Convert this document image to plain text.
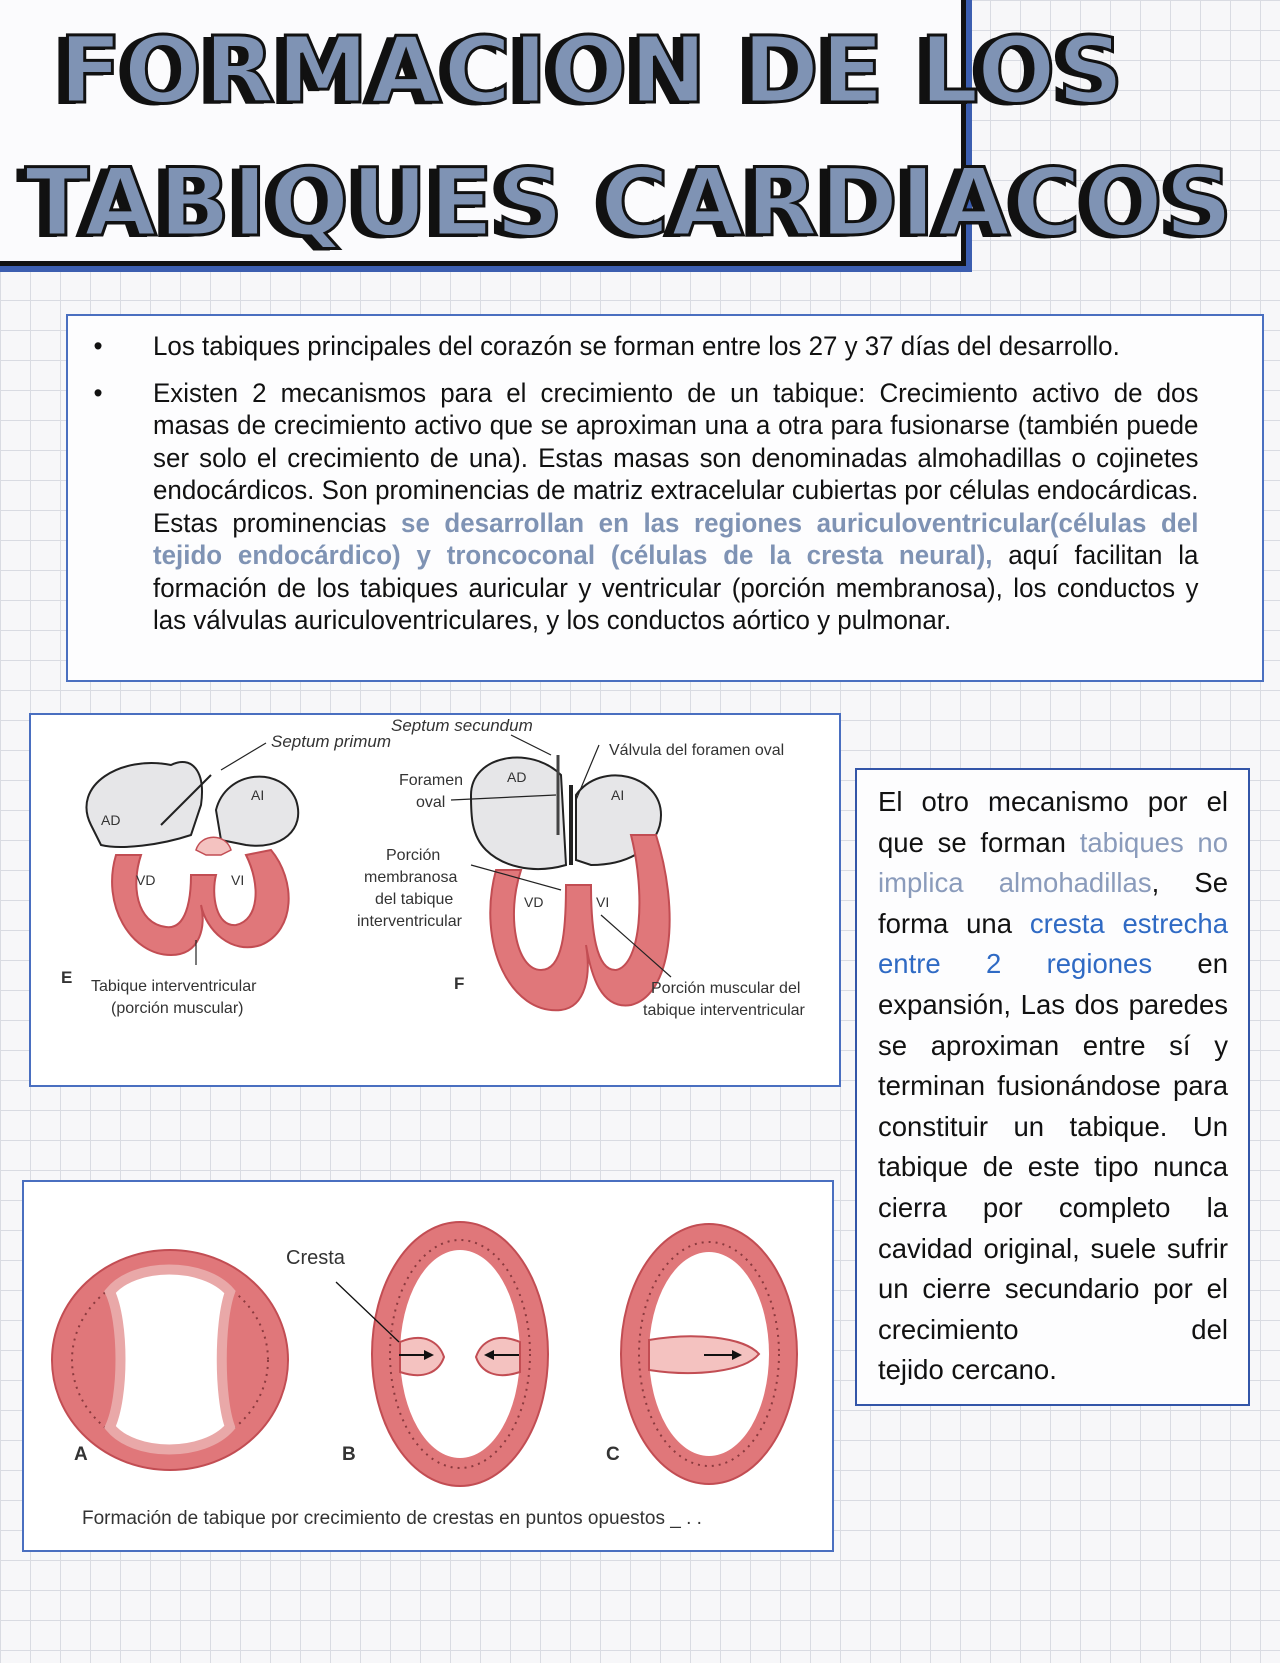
FORMACION DE LOS
TABIQUES CARDIACOS
• Los tabiques principales del corazón se forman entre los 27 y 37 días del desarrollo.
• Existen 2 mecanismos para el crecimiento de un tabique: Crecimiento activo de dos masas de crecimiento activo que se aproximan una a otra para fusionarse (también puede ser solo el crecimiento de una). Estas masas son denominadas almohadillas o cojinetes endocárdicos. Son prominencias de matriz extracelular cubiertas por células endocárdicas. Estas prominencias se desarrollan en las regiones auriculoventricular(células del tejido endocárdico) y troncoconal (células de la cresta neural), aquí facilitan la formación de los tabiques auricular y ventricular (porción membranosa), los conductos y las válvulas auriculoventriculares, y los conductos aórtico y pulmonar.
Septum primum
AD
AI
VD	VI
E Tabique interventricular
(porción muscular)
Septum secundum
Válvula del foramen oval
Foramen
oval
AD
AI
VD	VI
Porción
membranosa
del tabique
interventricular
F	Porción muscular del
tabique interventricular
Cresta
A	B	C
Formación de tabique por crecimiento de crestas en puntos opuestos _ . .

El otro mecanismo por el que se forman tabiques no implica almohadillas, Se forma una cresta estrecha entre 2 regiones en expansión, Las dos paredes se aproximan entre sí y terminan fusionándose para constituir un tabique. Un tabique de este tipo nunca cierra por completo la cavidad original, suele sufrir un cierre secundario por el crecimiento del

tejido cercano.
